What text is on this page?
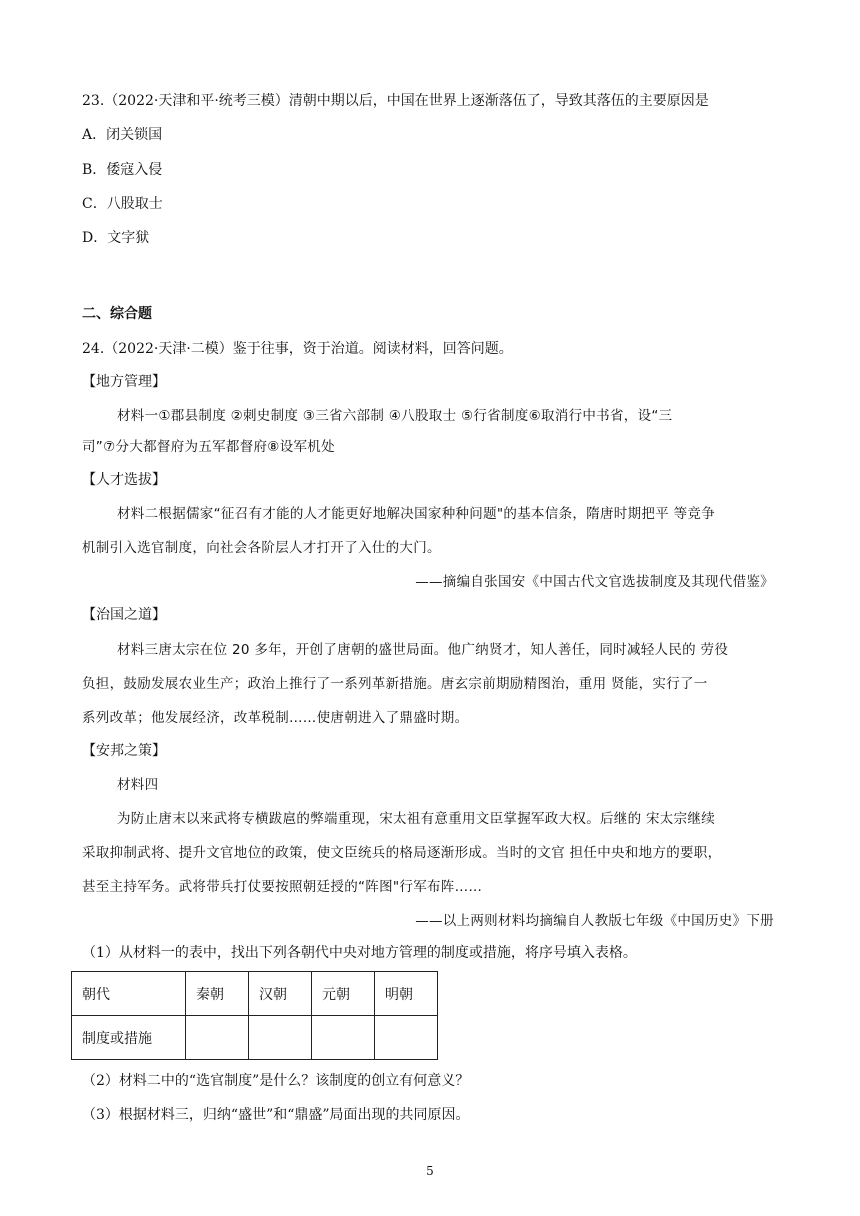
23.（2022·天津和平·统考三模）清朝中期以后，中国在世界上逐渐落伍了，导致其落伍的主要原因是
A．闭关锁国
B．倭寇入侵
C．八股取士
D．文字狱
二、综合题
24.（2022·天津·二模）鉴于往事，资于治道。阅读材料，回答问题。
【地方管理】
材料一①郡县制度 ②刺史制度 ③三省六部制 ④八股取士 ⑤行省制度⑥取消行中书省，设“三
司”⑦分大都督府为五军都督府⑧设军机处
【人才选拔】
材料二根据儒家“征召有才能的人才能更好地解决国家种种问题"的基本信条，隋唐时期把平 等竞争
机制引入选官制度，向社会各阶层人才打开了入仕的大门。
——摘编自张国安《中国古代文官选拔制度及其现代借鉴》
【治国之道】
材料三唐太宗在位 20 多年，开创了唐朝的盛世局面。他广纳贤才，知人善任，同时减轻人民的 劳役
负担，鼓励发展农业生产；政治上推行了一系列革新措施。唐玄宗前期励精图治，重用 贤能，实行了一
系列改革；他发展经济，改革税制……使唐朝进入了鼎盛时期。
【安邦之策】
材料四
为防止唐末以来武将专横跋扈的弊端重现，宋太祖有意重用文臣掌握军政大权。后继的 宋太宗继续
采取抑制武将、提升文官地位的政策，使文臣统兵的格局逐渐形成。当时的文官 担任中央和地方的要职，
甚至主持军务。武将带兵打仗要按照朝廷授的“阵图"行军布阵……
——以上两则材料均摘编自人教版七年级《中国历史》下册
（1）从材料一的表中，找出下列各朝代中央对地方管理的制度或措施，将序号填入表格。
朝代	秦朝	汉朝	元朝	明朝
制度或措施				
（2）材料二中的“选官制度”是什么？该制度的创立有何意义？
（3）根据材料三，归纳“盛世”和“鼎盛”局面出现的共同原因。
5
